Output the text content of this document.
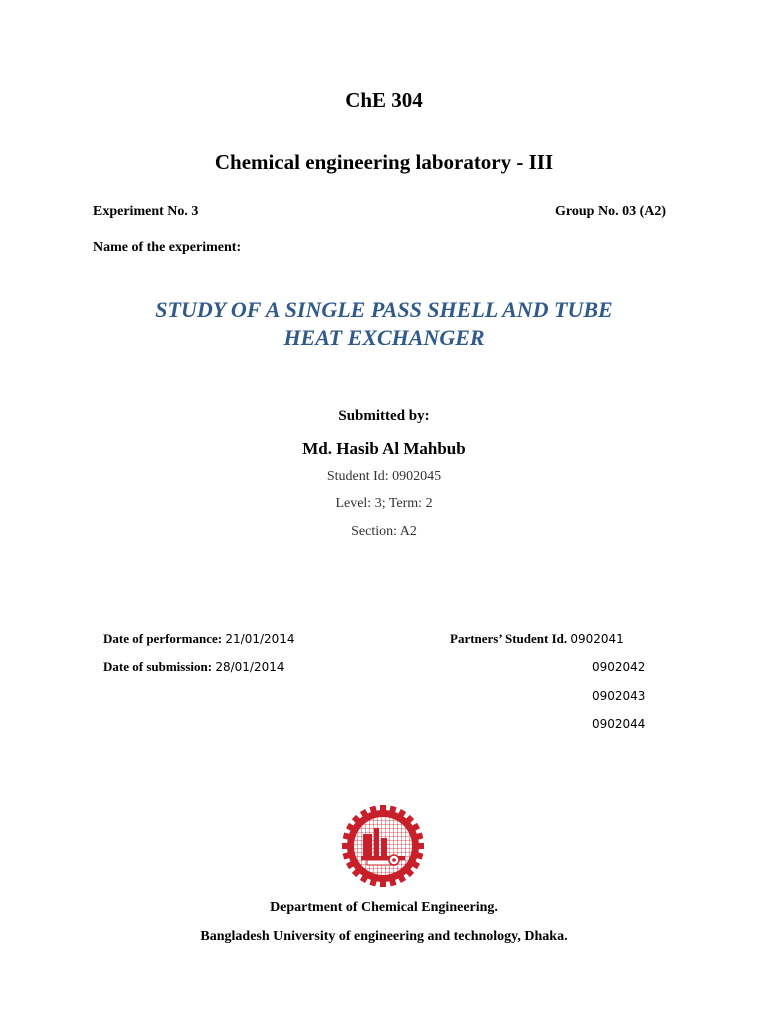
ChE 304
Chemical engineering laboratory - III
Experiment No. 3	Group No. 03 (A2)
Name of the experiment:
STUDY OF A SINGLE PASS SHELL AND TUBE
HEAT EXCHANGER
Submitted by:
Md. Hasib Al Mahbub
Student Id: 0902045
Level: 3; Term: 2
Section: A2
Date of performance: 21/01/2014
Date of submission: 28/01/2014
Partners’ Student Id. 0902041
0902042
0902043
0902044
Department of Chemical Engineering.
Bangladesh University of engineering and technology, Dhaka.
